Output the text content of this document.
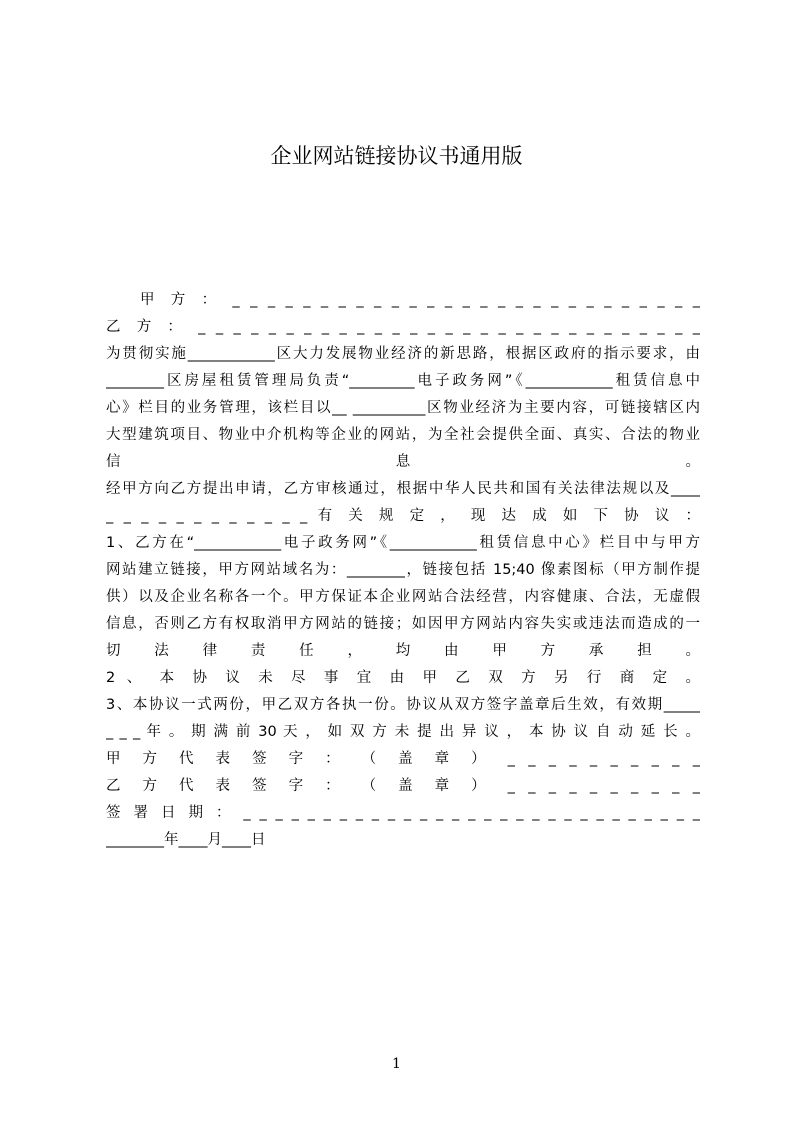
企业网站链接协议书通用版
甲 方 ： _ _ _ _ _ _ _ _ _ _ _ _ _ _ _ _ _ _ _ _ _ _ _ _ _ _ _
乙 方 ： _ _ _ _ _ _ _ _ _ _ _ _ _ _ _ _ _ _ _ _ _ _ _ _ _ _ _ _ _
为贯彻实施____________区大力发展物业经济的新思路，根据区政府的指示要求，由
________区房屋租赁管理局负责“_________电子政务网”《____________租赁信息中
心》栏目的业务管理，该栏目以__ __________区物业经济为主要内容，可链接辖区内
大型建筑项目、物业中介机构等企业的网站，为全社会提供全面、真实、合法的物业
信 息 。
经甲方向乙方提出申请，乙方审核通过，根据中华人民共和国有关法律法规以及____
_ _ _ _ _ _ _ _ _ _ _ _ 有 关 规 定 ， 现 达 成 如 下 协 议 ：
1、乙方在“____________电子政务网”《____________租赁信息中心》栏目中与甲方
网站建立链接，甲方网站域名为：________，链接包括 15;40 像素图标（甲方制作提
供）以及企业名称各一个。甲方保证本企业网站合法经营，内容健康、合法，无虚假
信息，否则乙方有权取消甲方网站的链接；如因甲方网站内容失实或违法而造成的一
切 法 律 责 任 ， 均 由 甲 方 承 担 。
2 、 本 协 议 未 尽 事 宜 由 甲 乙 双 方 另 行 商 定 。
3、本协议一式两份，甲乙双方各执一份。协议从双方签字盖章后生效，有效期_____
_ _ _ 年 。 期 满 前 30 天 ， 如 双 方 未 提 出 异 议 ， 本 协 议 自 动 延 长 。
甲 方 代 表 签 字 ： （ 盖 章 ） _ _ _ _ _ _ _ _ _ _
乙 方 代 表 签 字 ： （ 盖 章 ） _ _ _ _ _ _ _ _ _ _
签 署 日 期 ： _ _ _ _ _ _ _ _ _ _ _ _ _ _ _ _ _ _ _ _ _ _ _ _ _ _ _ _ _
________年____月____日
1
